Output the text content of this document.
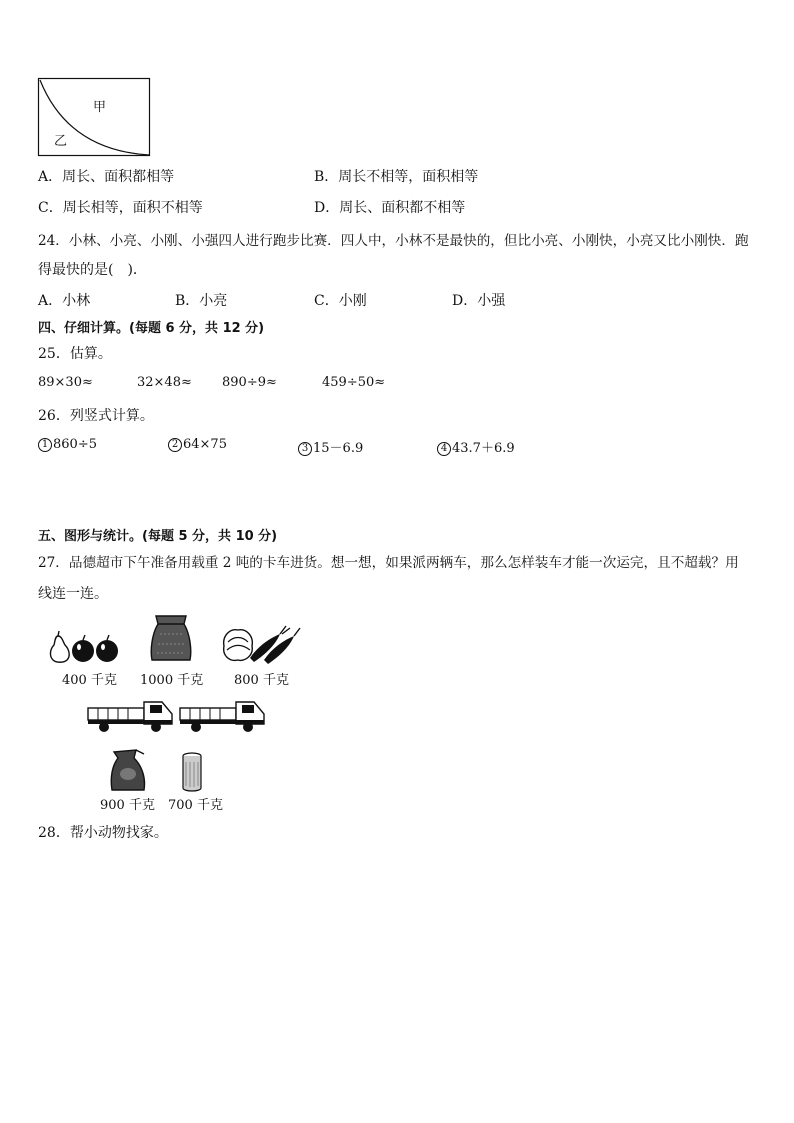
甲
乙
A．周长、面积都相等	B．周长不相等，面积相等
C．周长相等，面积不相等	D．周长、面积都不相等
24．小林、小亮、小刚、小强四人进行跑步比赛．四人中，小林不是最快的，但比小亮、小刚快，小亮又比小刚快．跑
得最快的是(　)．
A．小林	B．小亮	C．小刚	D．小强
四、仔细计算。(每题 6 分，共 12 分)
25．估算。
89×30≈	32×48≈ 890÷9≈	459÷50≈
26．列竖式计算。
1 860÷5	2 64×75	3 15－6.9	4 43.7＋6.9
五、图形与统计。(每题 5 分，共 10 分)
27．品德超市下午准备用载重 2 吨的卡车进货。想一想，如果派两辆车，那么怎样装车才能一次运完，且不超载？用
线连一连。
400 千克 1000 千克 800 千克
900 千克 700 千克
28．帮小动物找家。
